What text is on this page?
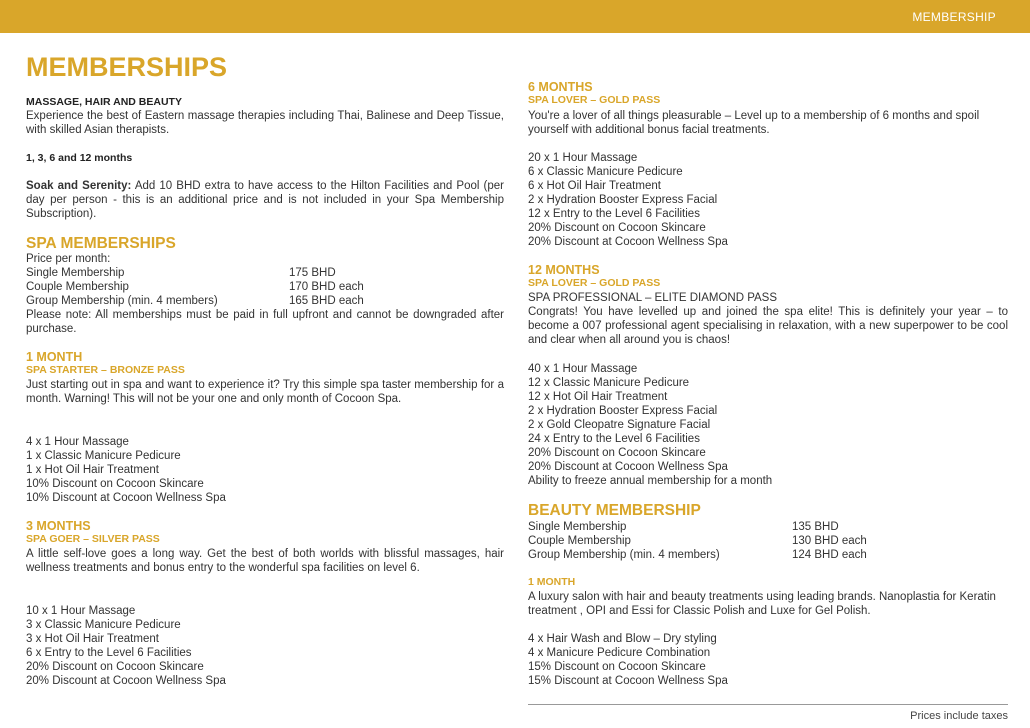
MEMBERSHIP
MEMBERSHIPS
MASSAGE, HAIR AND BEAUTY
Experience the best of Eastern massage therapies including Thai, Balinese and Deep Tissue, with skilled Asian therapists.
1, 3, 6 and 12 months
Soak and Serenity: Add 10 BHD extra to have access to the Hilton Facilities and Pool (per day per person - this is an additional price and is not included in your Spa Membership Subscription).
SPA MEMBERSHIPS
Price per month:
Single Membership	175 BHD
Couple Membership	170 BHD each
Group Membership (min. 4 members)	165 BHD each
Please note: All memberships must be paid in full upfront and cannot be downgraded after purchase.
1 MONTH
SPA STARTER – BRONZE PASS
Just starting out in spa and want to experience it? Try this simple spa taster membership for a month. Warning! This will not be your one and only month of Cocoon Spa.
4 x 1 Hour Massage
1 x Classic Manicure Pedicure
1 x Hot Oil Hair Treatment
10% Discount on Cocoon Skincare
10% Discount at Cocoon Wellness Spa
3 MONTHS
SPA GOER – SILVER PASS
A little self-love goes a long way. Get the best of both worlds with blissful massages, hair wellness treatments and bonus entry to the wonderful spa facilities on level 6.
10 x 1 Hour Massage
3 x Classic Manicure Pedicure
3 x Hot Oil Hair Treatment
6 x Entry to the Level 6 Facilities
20% Discount on Cocoon Skincare
20% Discount at Cocoon Wellness Spa
6 MONTHS
SPA LOVER – GOLD PASS
You're a lover of all things pleasurable – Level up to a membership of 6 months and spoil yourself with additional bonus facial treatments.
20 x 1 Hour Massage
6 x Classic Manicure Pedicure
6 x Hot Oil Hair Treatment
2 x Hydration Booster Express Facial
12 x Entry to the Level 6 Facilities
20% Discount on Cocoon Skincare
20% Discount at Cocoon Wellness Spa
12 MONTHS
SPA LOVER – GOLD PASS
SPA PROFESSIONAL – ELITE DIAMOND PASS
Congrats! You have levelled up and joined the spa elite! This is definitely your year – to become a 007 professional agent specialising in relaxation, with a new superpower to be cool and clear when all around you is chaos!
40 x 1 Hour Massage
12 x Classic Manicure Pedicure
12 x Hot Oil Hair Treatment
2 x Hydration Booster Express Facial
2 x Gold Cleopatre Signature Facial
24 x Entry to the Level 6 Facilities
20% Discount on Cocoon Skincare
20% Discount at Cocoon Wellness Spa
Ability to freeze annual membership for a month
BEAUTY MEMBERSHIP
Single Membership	135 BHD
Couple Membership	130 BHD each
Group Membership (min. 4 members)	124 BHD each
1 MONTH
A luxury salon with hair and beauty treatments using leading brands. Nanoplastia for Keratin treatment , OPI and Essi for Classic Polish and Luxe for Gel Polish.
4 x Hair Wash and Blow – Dry styling
4 x Manicure Pedicure Combination
15% Discount on Cocoon Skincare
15% Discount at Cocoon Wellness Spa
Prices include taxes
